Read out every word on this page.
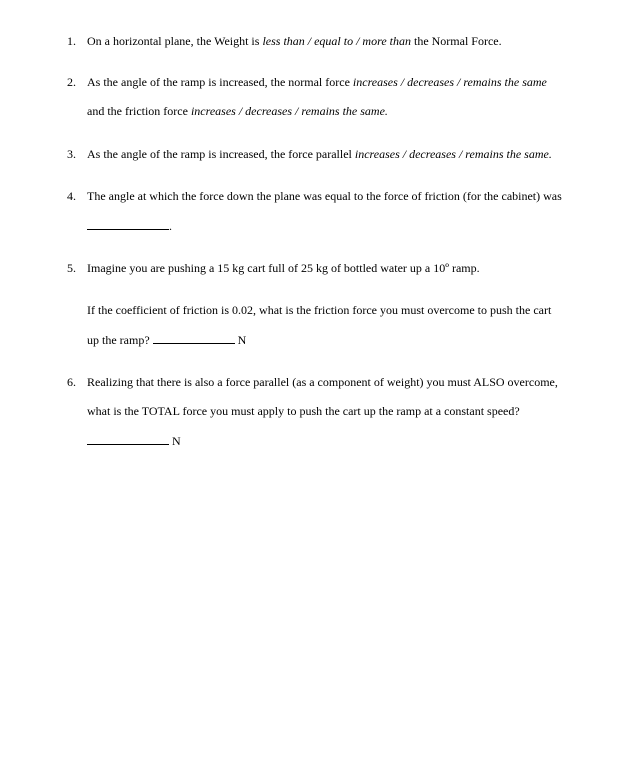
1. On a horizontal plane, the Weight is less than / equal to / more than the Normal Force.
2. As the angle of the ramp is increased, the normal force increases / decreases / remains the same
and the friction force increases / decreases / remains the same.
3. As the angle of the ramp is increased, the force parallel increases / decreases / remains the same.
4. The angle at which the force down the plane was equal to the force of friction (for the cabinet) was
.
5. Imagine you are pushing a 15 kg cart full of 25 kg of bottled water up a 10º ramp.
If the coefficient of friction is 0.02, what is the friction force you must overcome to push the cart
up the ramp?	N
6. Realizing that there is also a force parallel (as a component of weight) you must ALSO overcome,
what is the TOTAL force you must apply to push the cart up the ramp at a constant speed?
N
